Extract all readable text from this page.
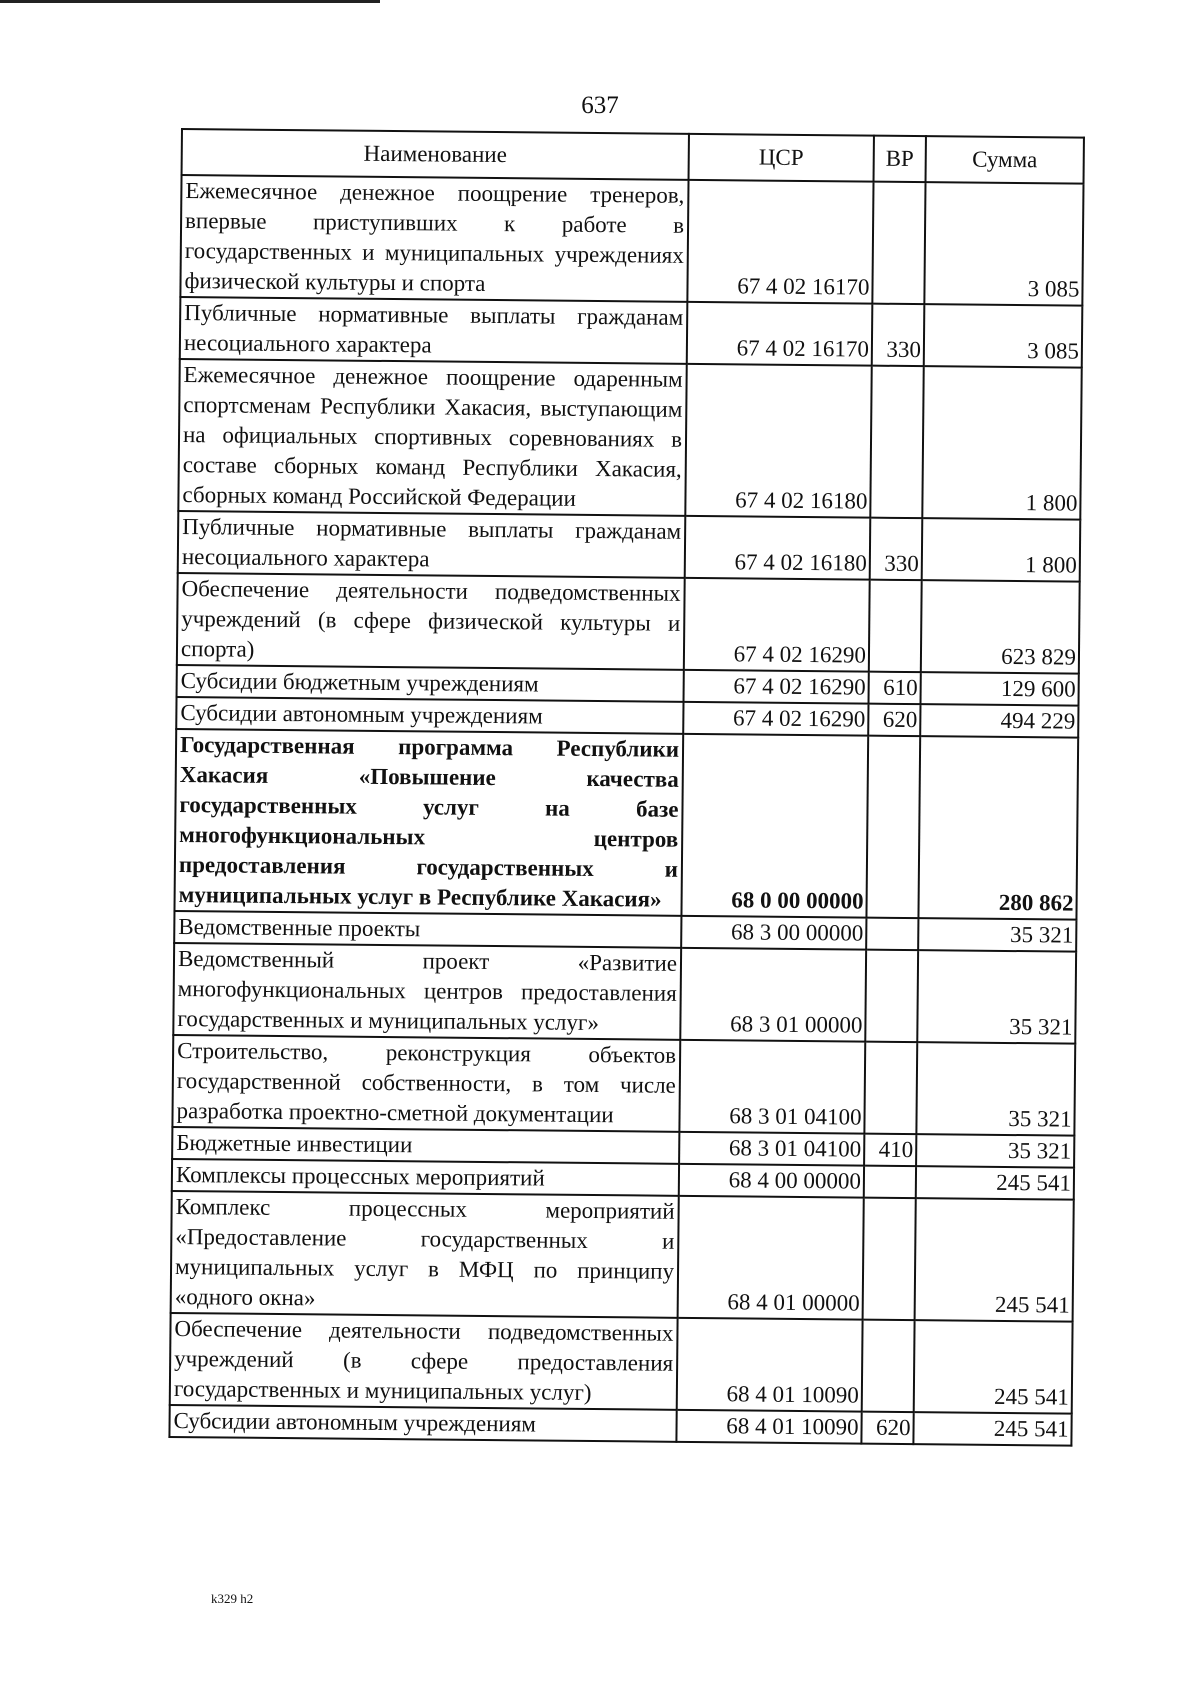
637
Наименование	ЦСР	ВР	Сумма
Ежемесячное денежное поощрение тренеров, впервые приступивших к работе в государственных и муниципальных учреждениях физической культуры и спорта	67 4 02 16170		3 085
Публичные нормативные выплаты гражданам несоциального характера	67 4 02 16170	330	3 085
Ежемесячное денежное поощрение одаренным спортсменам Республики Хакасия, выступающим на официальных спортивных соревнованиях в составе сборных команд Республики Хакасия, сборных команд Российской Федерации	67 4 02 16180		1 800
Публичные нормативные выплаты гражданам несоциального характера	67 4 02 16180	330	1 800
Обеспечение деятельности подведомственных учреждений (в сфере физической культуры и спорта)	67 4 02 16290		623 829
Субсидии бюджетным учреждениям	67 4 02 16290	610	129 600
Субсидии автономным учреждениям	67 4 02 16290	620	494 229
Государственная программа Республики Хакасия «Повышение качества государственных услуг на базе многофункциональных центров предоставления государственных и муниципальных услуг в Республике Хакасия»	68 0 00 00000		280 862
Ведомственные проекты	68 3 00 00000		35 321
Ведомственный проект «Развитие многофункциональных центров предоставления государственных и муниципальных услуг»	68 3 01 00000		35 321
Строительство, реконструкция объектов государственной собственности, в том числе разработка проектно-сметной документации	68 3 01 04100		35 321
Бюджетные инвестиции	68 3 01 04100	410	35 321
Комплексы процессных мероприятий	68 4 00 00000		245 541
Комплекс процессных мероприятий «Предоставление государственных и муниципальных услуг в МФЦ по принципу «одного окна»	68 4 01 00000		245 541
Обеспечение деятельности подведомственных учреждений (в сфере предоставления государственных и муниципальных услуг)	68 4 01 10090		245 541
Субсидии автономным учреждениям	68 4 01 10090	620	245 541
k329 h2
